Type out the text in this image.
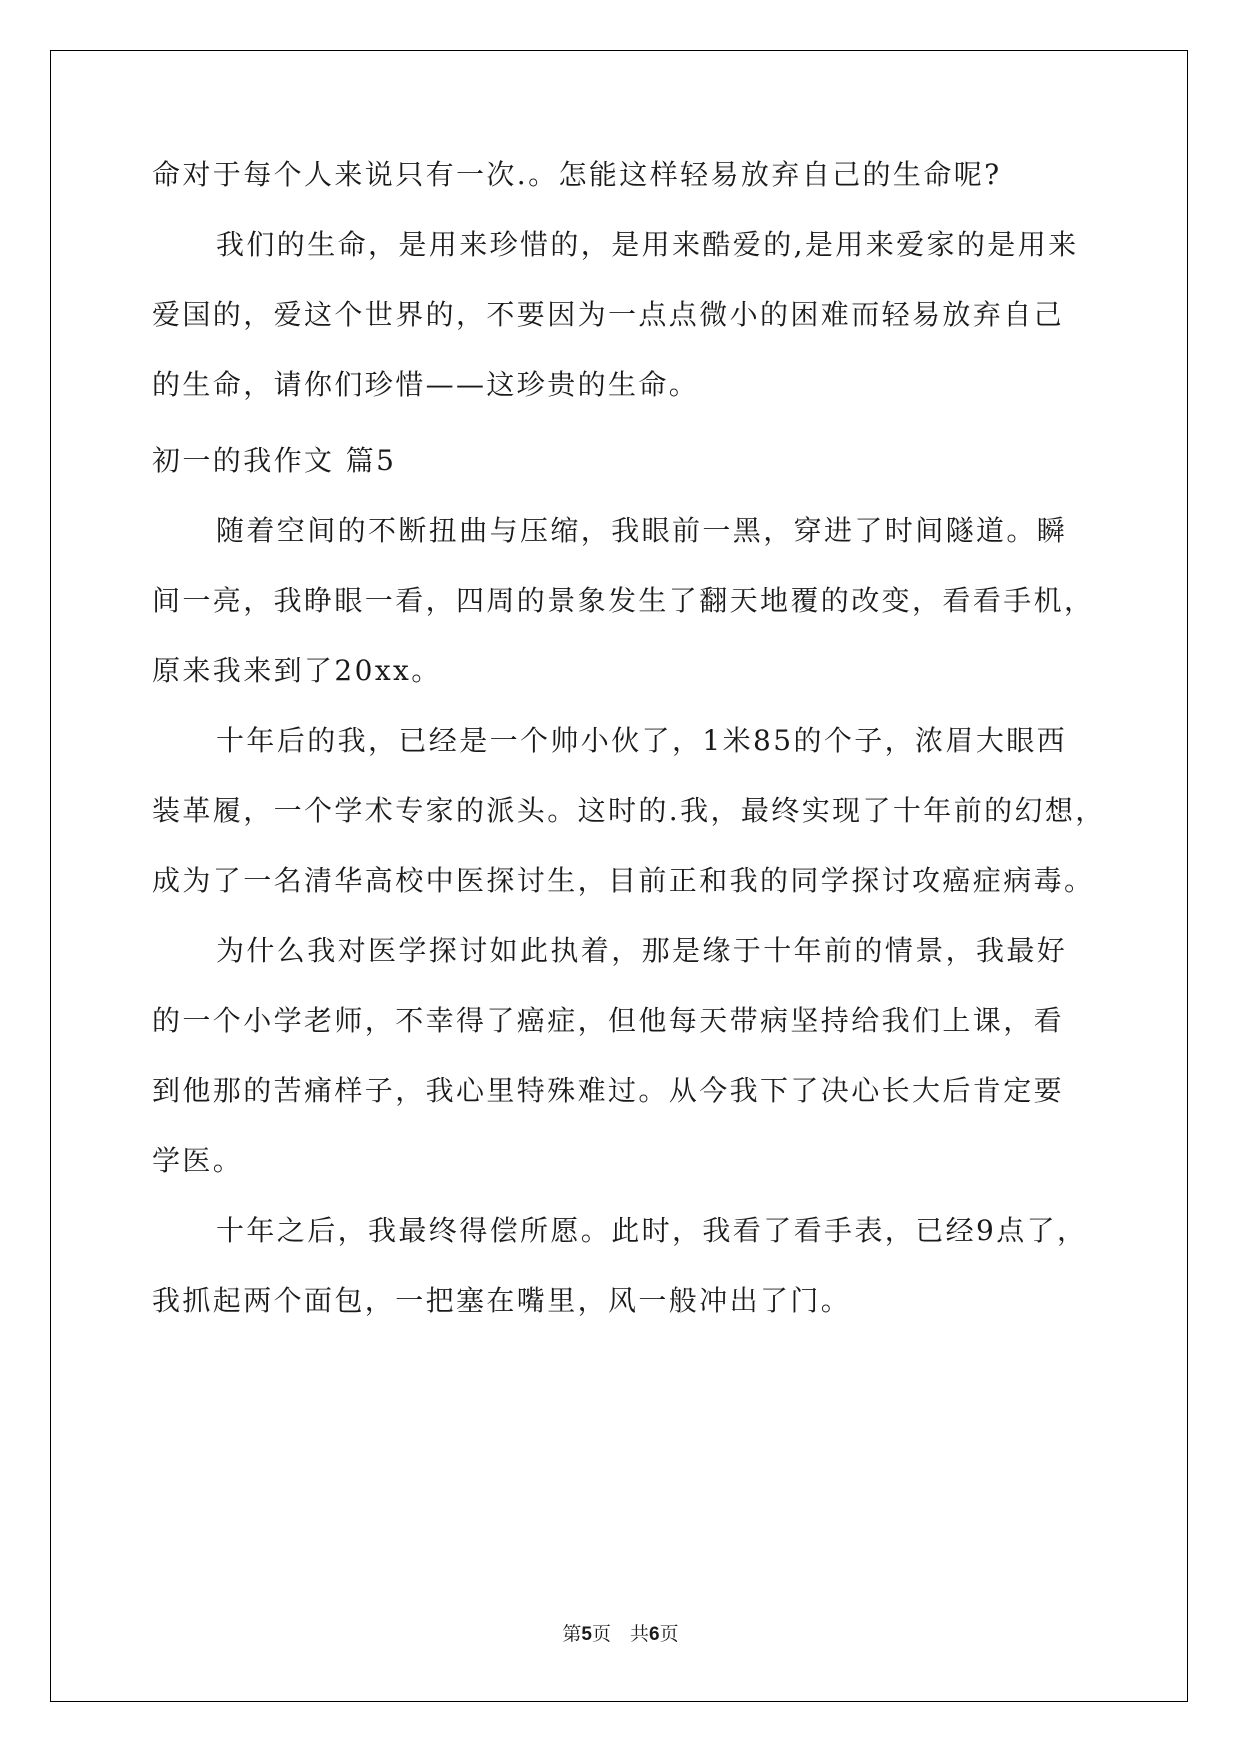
命对于每个人来说只有一次.。怎能这样轻易放弃自己的生命呢?

我们的生命，是用来珍惜的，是用来酷爱的,是用来爱家的是用来

爱国的，爱这个世界的，不要因为一点点微小的困难而轻易放弃自己

的生命，请你们珍惜——这珍贵的生命。

初一的我作文 篇5

随着空间的不断扭曲与压缩，我眼前一黑，穿进了时间隧道。瞬

间一亮，我睁眼一看，四周的景象发生了翻天地覆的改变，看看手机，

原来我来到了20xx。

十年后的我，已经是一个帅小伙了，1米85的个子，浓眉大眼西

装革履，一个学术专家的派头。这时的.我，最终实现了十年前的幻想，

成为了一名清华高校中医探讨生，目前正和我的同学探讨攻癌症病毒。

为什么我对医学探讨如此执着，那是缘于十年前的情景，我最好

的一个小学老师，不幸得了癌症，但他每天带病坚持给我们上课，看

到他那的苦痛样子，我心里特殊难过。从今我下了决心长大后肯定要

学医。

十年之后，我最终得偿所愿。此时，我看了看手表，已经9点了，

我抓起两个面包，一把塞在嘴里，风一般冲出了门。

第5页　共6页
